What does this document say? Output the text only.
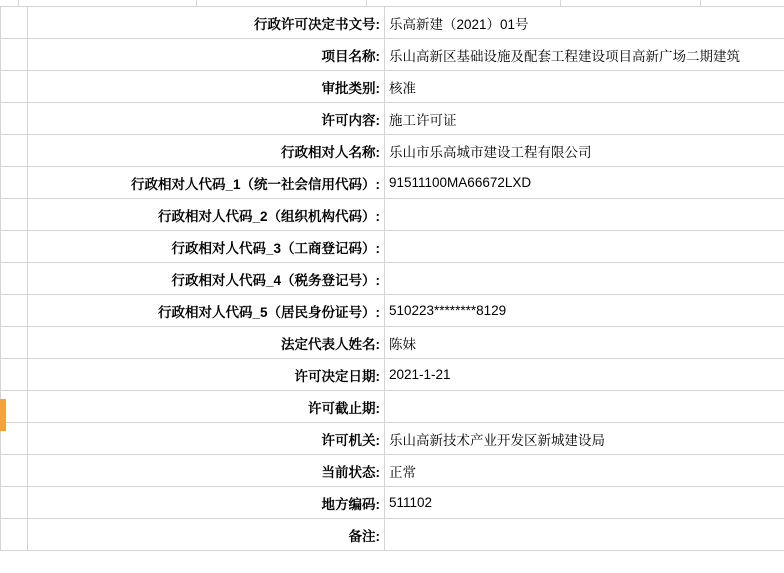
	行政许可决定书文号:	乐高新建（2021）01号

	项目名称:	乐山高新区基础设施及配套工程建设项目高新广场二期建筑

	审批类别:	核准

	许可内容:	施工许可证

	行政相对人名称:	乐山市乐高城市建设工程有限公司

	行政相对人代码_1（统一社会信用代码）:	91511100MA66672LXD

	行政相对人代码_2（组织机构代码）:	

	行政相对人代码_3（工商登记码）:	

	行政相对人代码_4（税务登记号）:	

	行政相对人代码_5（居民身份证号）:	510223********8129

	法定代表人姓名:	陈妹

	许可决定日期:	2021-1-21

	许可截止期:	

	许可机关:	乐山高新技术产业开发区新城建设局

	当前状态:	正常

	地方编码:	511102

	备注:	
